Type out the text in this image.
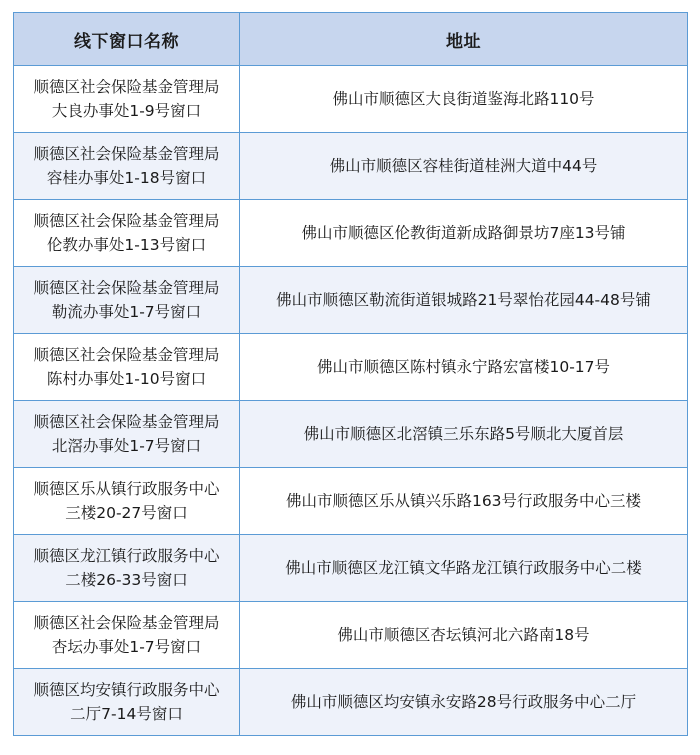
线下窗口名称	地址

顺德区社会保险基金管理局
大良办事处1-9号窗口	佛山市顺德区大良街道鉴海北路110号

顺德区社会保险基金管理局
容桂办事处1-18号窗口	佛山市顺德区容桂街道桂洲大道中44号

顺德区社会保险基金管理局
伦教办事处1-13号窗口	佛山市顺德区伦教街道新成路御景坊7座13号铺

顺德区社会保险基金管理局
勒流办事处1-7号窗口	佛山市顺德区勒流街道银城路21号翠怡花园44-48号铺

顺德区社会保险基金管理局
陈村办事处1-10号窗口	佛山市顺德区陈村镇永宁路宏富楼10-17号

顺德区社会保险基金管理局
北滘办事处1-7号窗口	佛山市顺德区北滘镇三乐东路5号顺北大厦首层

顺德区乐从镇行政服务中心
三楼20-27号窗口	佛山市顺德区乐从镇兴乐路163号行政服务中心三楼

顺德区龙江镇行政服务中心
二楼26-33号窗口	佛山市顺德区龙江镇文华路龙江镇行政服务中心二楼

顺德区社会保险基金管理局
杏坛办事处1-7号窗口	佛山市顺德区杏坛镇河北六路南18号

顺德区均安镇行政服务中心
二厅7-14号窗口	佛山市顺德区均安镇永安路28号行政服务中心二厅
